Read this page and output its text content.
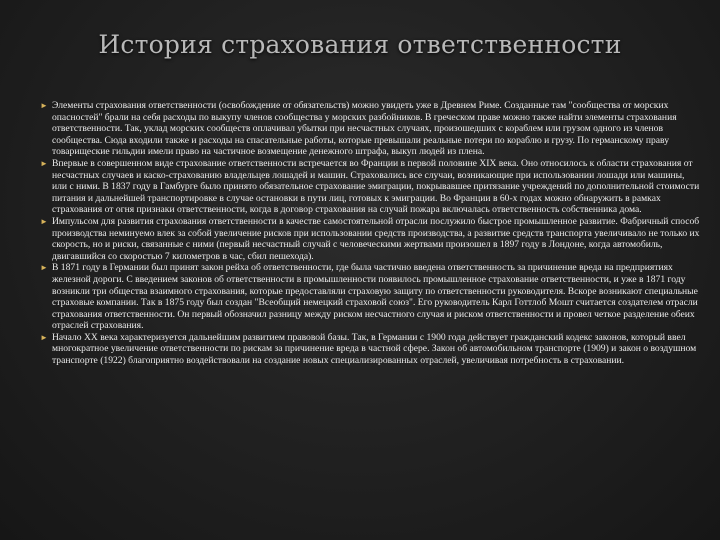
История страхования ответственности
► Элементы страхования ответственности (освобождение от обязательств) можно увидеть уже в Древнем Риме. Созданные там "сообщества от морских опасностей" брали на себя расходы по выкупу членов сообщества у морских разбойников. В греческом праве можно также найти элементы страхования ответственности. Так, уклад морских сообществ оплачивал убытки при несчастных случаях, произошедших с кораблем или грузом одного из членов сообщества. Сюда входили также и расходы на спасательные работы, которые превышали реальные потери по кораблю и грузу. По германскому праву товарищеские гильдии имели право на частичное возмещение денежного штрафа, выкуп людей из плена.
► Впервые в совершенном виде страхование ответственности встречается во Франции в первой половине XIX века. Оно относилось к области страхования от несчастных случаев и каско-страхованию владельцев лошадей и машин. Страховались все случаи, возникающие при использовании лошади или машины, или с ними. В 1837 году в Гамбурге было принято обязательное страхование эмиграции, покрывавшее притязание учреждений по дополнительной стоимости питания и дальнейшей транспортировке в случае остановки в пути лиц, готовых к эмиграции. Во Франции в 60-х годах можно обнаружить в рамках страхования от огня признаки ответственности, когда в договор страхования на случай пожара включалась ответственность собственника дома.
► Импульсом для развития страхования ответственности в качестве самостоятельной отрасли послужило быстрое промышленное развитие. Фабричный способ производства неминуемо влек за собой увеличение рисков при использовании средств производства, а развитие средств транспорта увеличивало не только их скорость, но и риски, связанные с ними (первый несчастный случай с человеческими жертвами произошел в 1897 году в Лондоне, когда автомобиль, двигавшийся со скоростью 7 километров в час, сбил пешехода).
► В 1871 году в Германии был принят закон рейха об ответственности, где была частично введена ответственность за причинение вреда на предприятиях железной дороги. С введением законов об ответственности в промышленности появилось промышленное страхование ответственности, и уже в 1871 году возникли три общества взаимного страхования, которые предоставляли страховую защиту по ответственности руководителя. Вскоре возникают специальные страховые компании. Так в 1875 году был создан "Всеобщий немецкий страховой союз". Его руководитель Карл Готтлоб Мошт считается создателем отрасли страхования ответственности. Он первый обозначил разницу между риском несчастного случая и риском ответственности и провел четкое разделение обеих отраслей страхования.
► Начало XX века характеризуется дальнейшим развитием правовой базы. Так, в Германии с 1900 года действует гражданский кодекс законов, который ввел многократное увеличение ответственности по рискам за причинение вреда в частной сфере. Закон об автомобильном транспорте (1909) и закон о воздушном транспорте (1922) благоприятно воздействовали на создание новых специализированных отраслей, увеличивая потребность в страховании.
